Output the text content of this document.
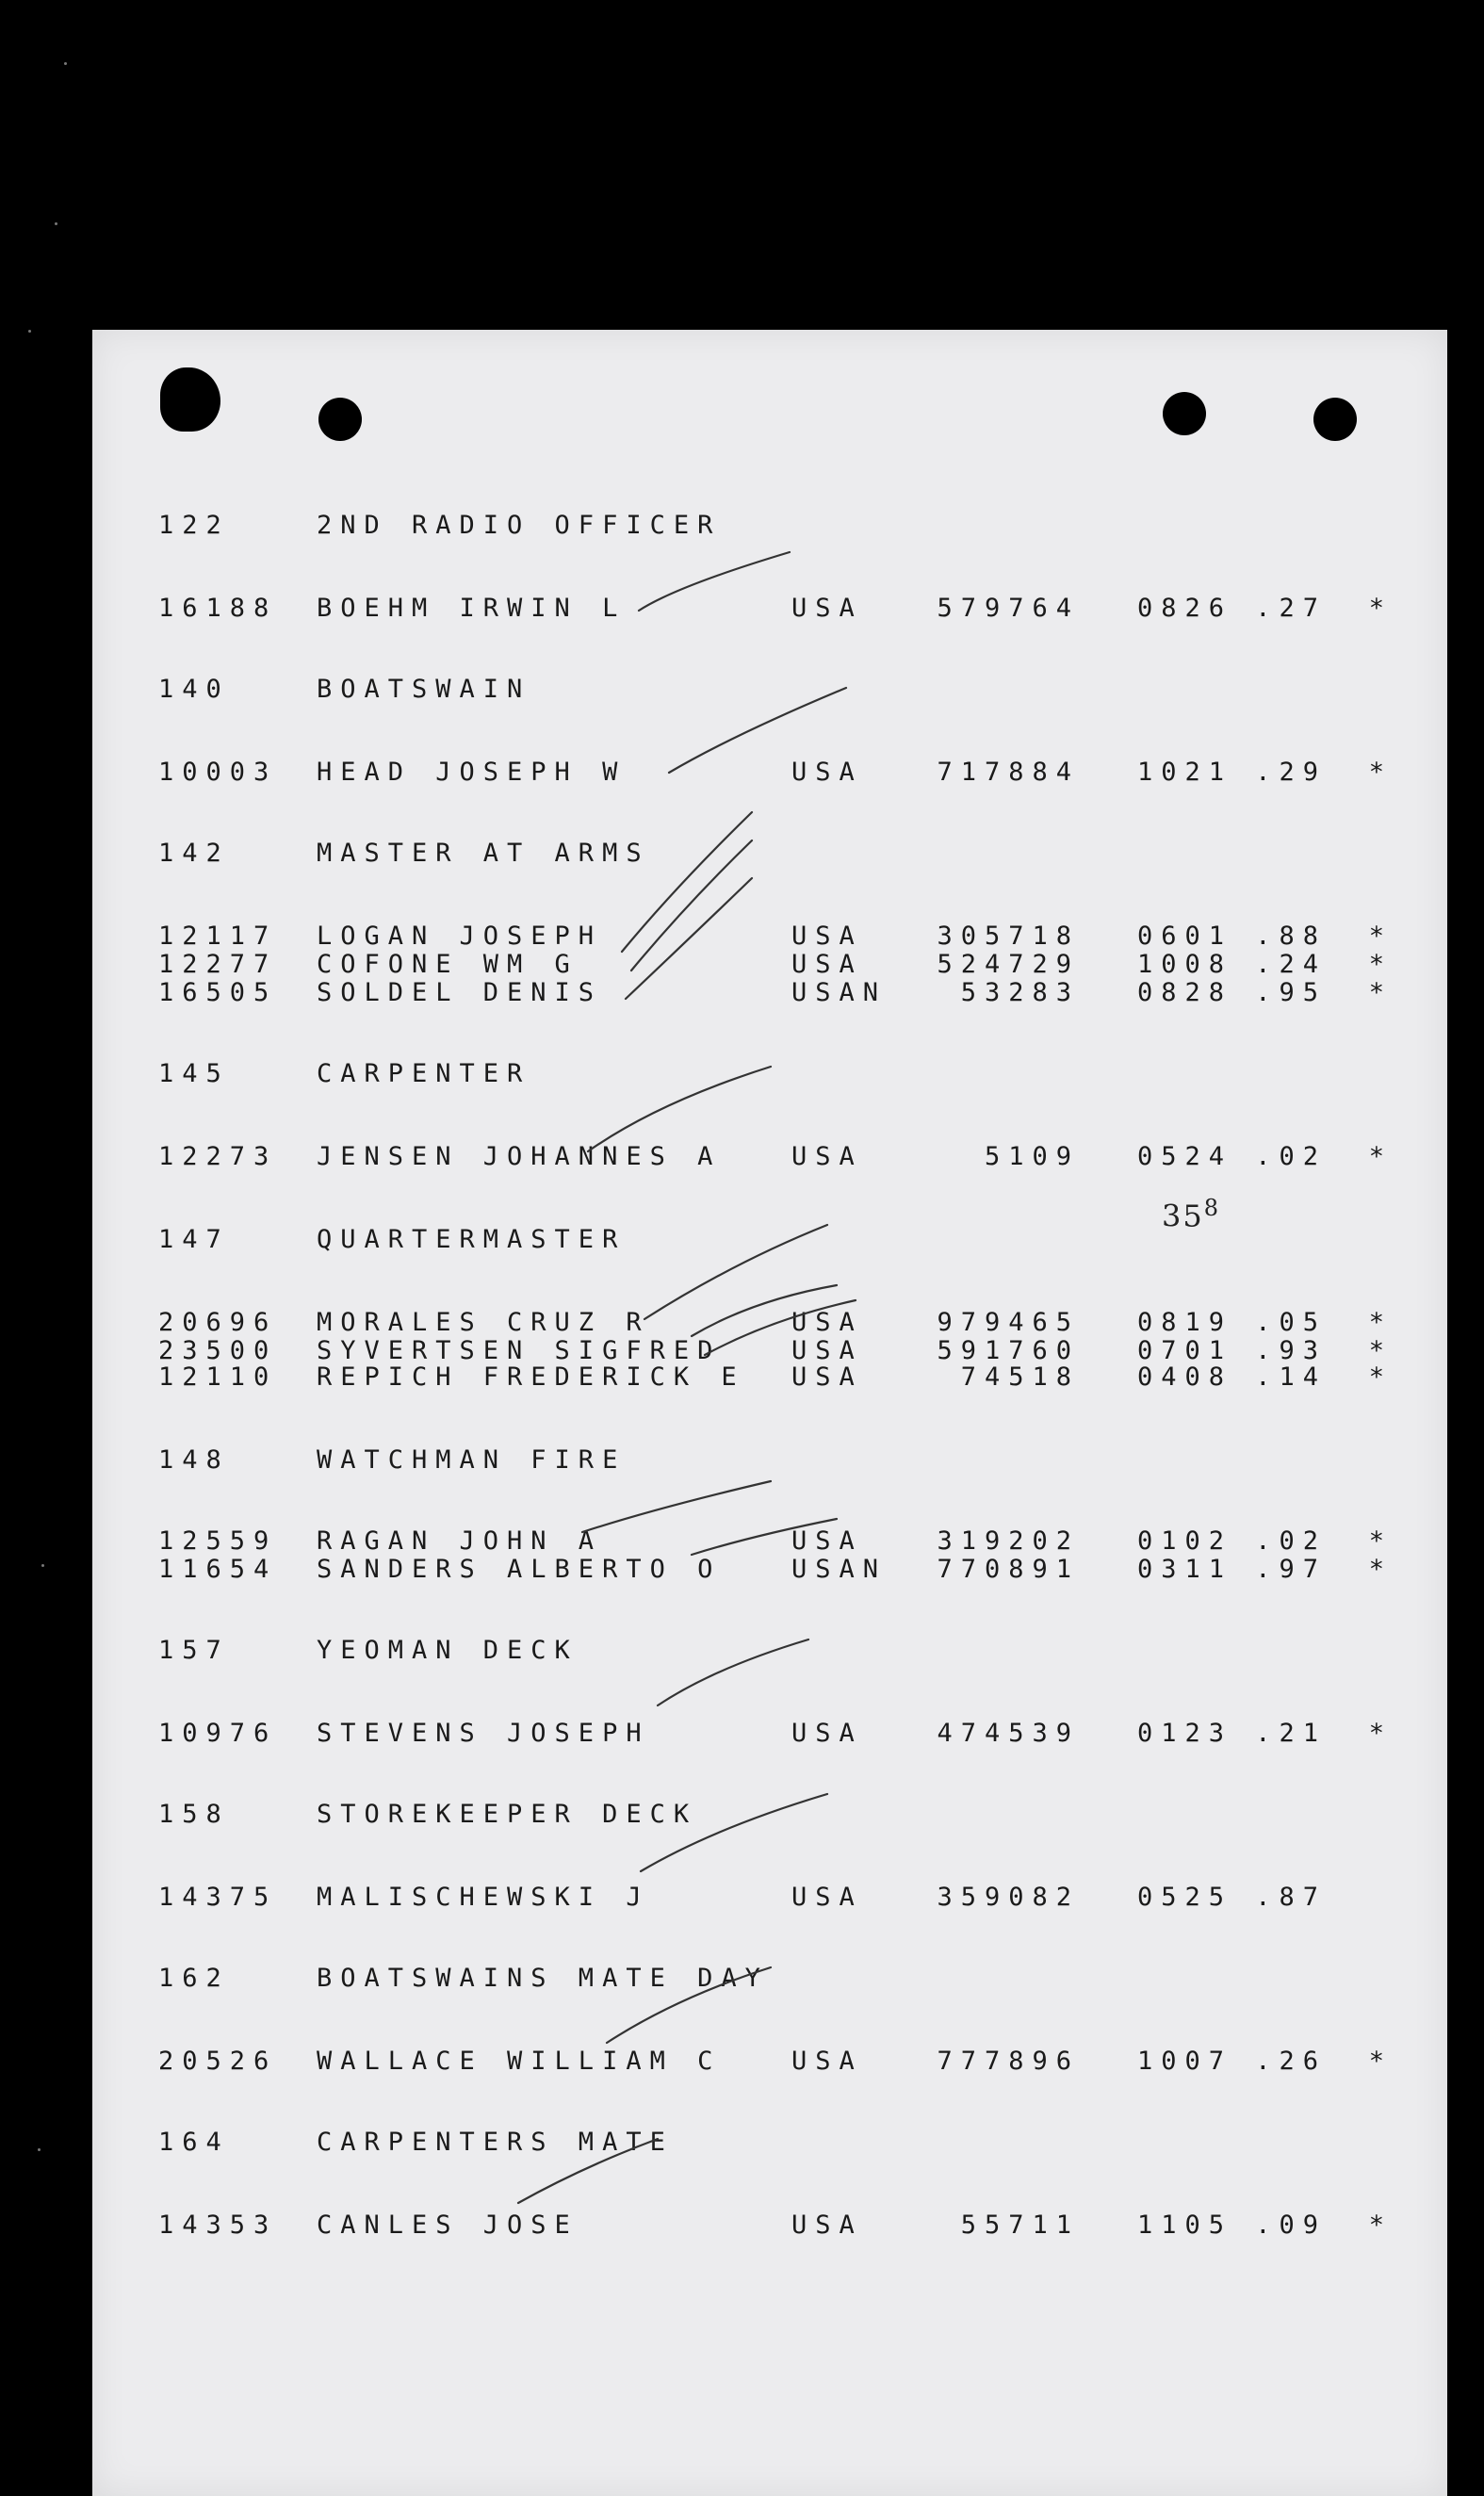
122	2ND RADIO OFFICER
16188 BOEHM IRWIN L	USA	579764 0826 .27 *
140	BOATSWAIN
10003 HEAD JOSEPH W	USA	717884 1021 .29 *
142	MASTER AT ARMS
12117 LOGAN JOSEPH	USA	305718 0601 .88 *
12277 COFONE WM G	USA	524729 1008 .24 *
16505 SOLDEL DENIS	USAN	53283 0828 .95 *
145	CARPENTER
12273 JENSEN JOHANNES A	USA	5109 0524 .02 *
147	QUARTERMASTER
20696 MORALES CRUZ R	USA	979465 0819 .05 *
23500 SYVERTSEN SIGFRED	USA	591760 0701 .93 *
12110 REPICH FREDERICK E USA	74518 0408 .14 *
148	WATCHMAN FIRE
12559 RAGAN JOHN A	USA	319202 0102 .02 *
11654 SANDERS ALBERTO O	USAN 770891 0311 .97 *
157	YEOMAN DECK
10976 STEVENS JOSEPH	USA	474539 0123 .21 *
158	STOREKEEPER DECK
14375 MALISCHEWSKI J	USA	359082 0525 .87
162	BOATSWAINS MATE DAY
20526 WALLACE WILLIAM C	USA	777896 1007 .26 *
164	CARPENTERS MATE
14353 CANLES JOSE	USA	55711 1105 .09 *
$35^8$
